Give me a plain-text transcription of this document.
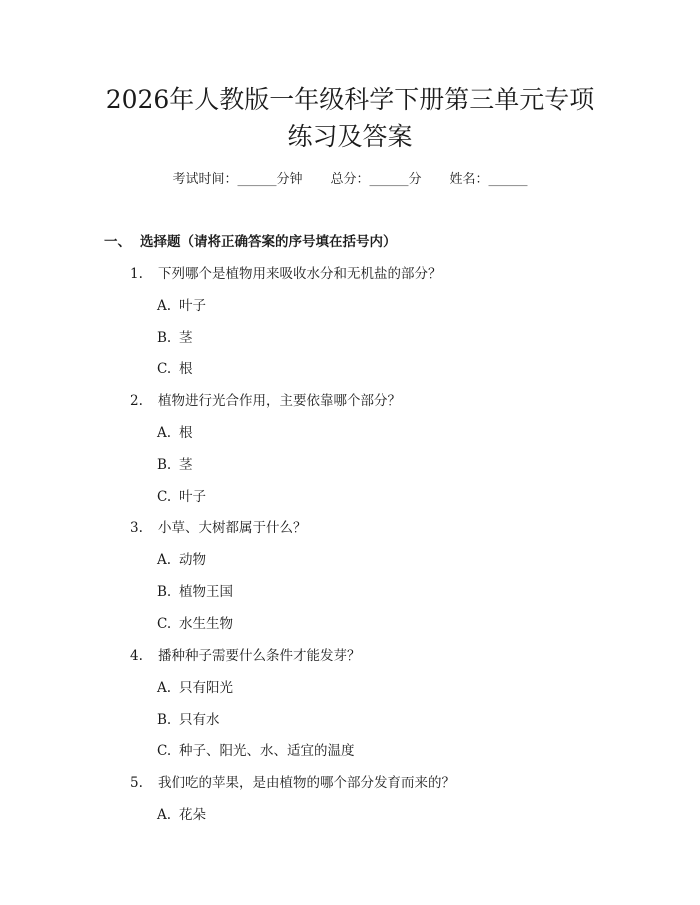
2026年人教版一年级科学下册第三单元专项
练习及答案
考试时间：______分钟 总分：______分 姓名：______
一、 选择题（请将正确答案的序号填在括号内）
1. 下列哪个是植物用来吸收水分和无机盐的部分？
A. 叶子
B. 茎
C. 根
2. 植物进行光合作用，主要依靠哪个部分？
A. 根
B. 茎
C. 叶子
3. 小草、大树都属于什么？
A. 动物
B. 植物王国
C. 水生生物
4. 播种种子需要什么条件才能发芽？
A. 只有阳光
B. 只有水
C. 种子、阳光、水、适宜的温度
5. 我们吃的苹果，是由植物的哪个部分发育而来的？
A. 花朵
